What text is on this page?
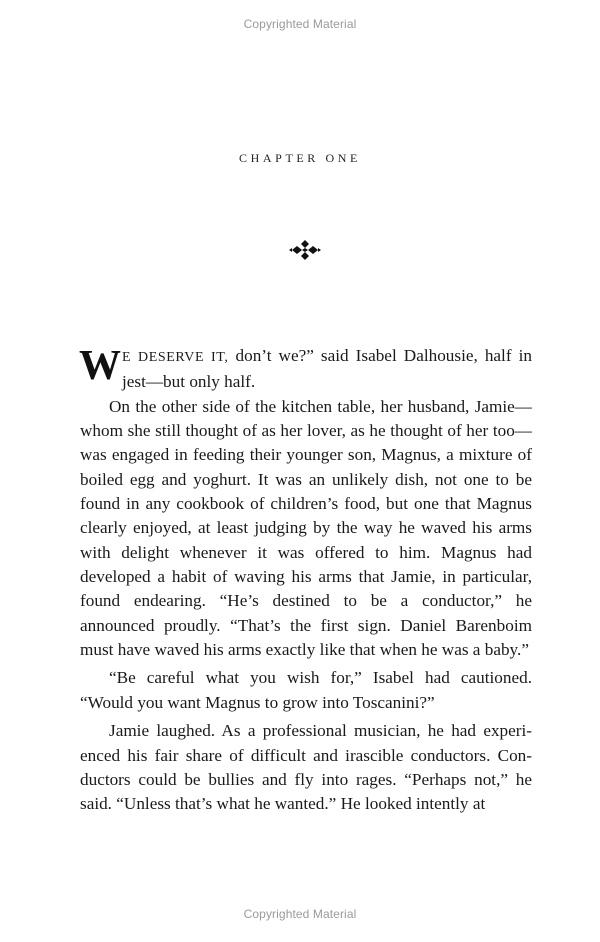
Copyrighted Material
CHAPTER ONE

WE DESERVE IT, don’t we?” said Isabel Dalhousie, half in jest—but only half.

On the other side of the kitchen table, her husband, Jamie—whom she still thought of as her lover, as he thought of her too—was engaged in feeding their younger son, Magnus, a mixture of boiled egg and yoghurt. It was an unlikely dish, not one to be found in any cookbook of children’s food, but one that Magnus clearly enjoyed, at least judging by the way he waved his arms with delight whenever it was offered to him. Magnus had developed a habit of waving his arms that Jamie, in particular, found endearing. “He’s destined to be a conductor,” he announced proudly. “That’s the first sign. Daniel Barenboim must have waved his arms exactly like that when he was a baby.”

“Be careful what you wish for,” Isabel had cautioned. “Would you want Magnus to grow into Toscanini?”

Jamie laughed. As a professional musician, he had experienced his fair share of difficult and irascible conductors. Conductors could be bullies and fly into rages. “Perhaps not,” he said. “Unless that’s what he wanted.” He looked intently at

Copyrighted Material
